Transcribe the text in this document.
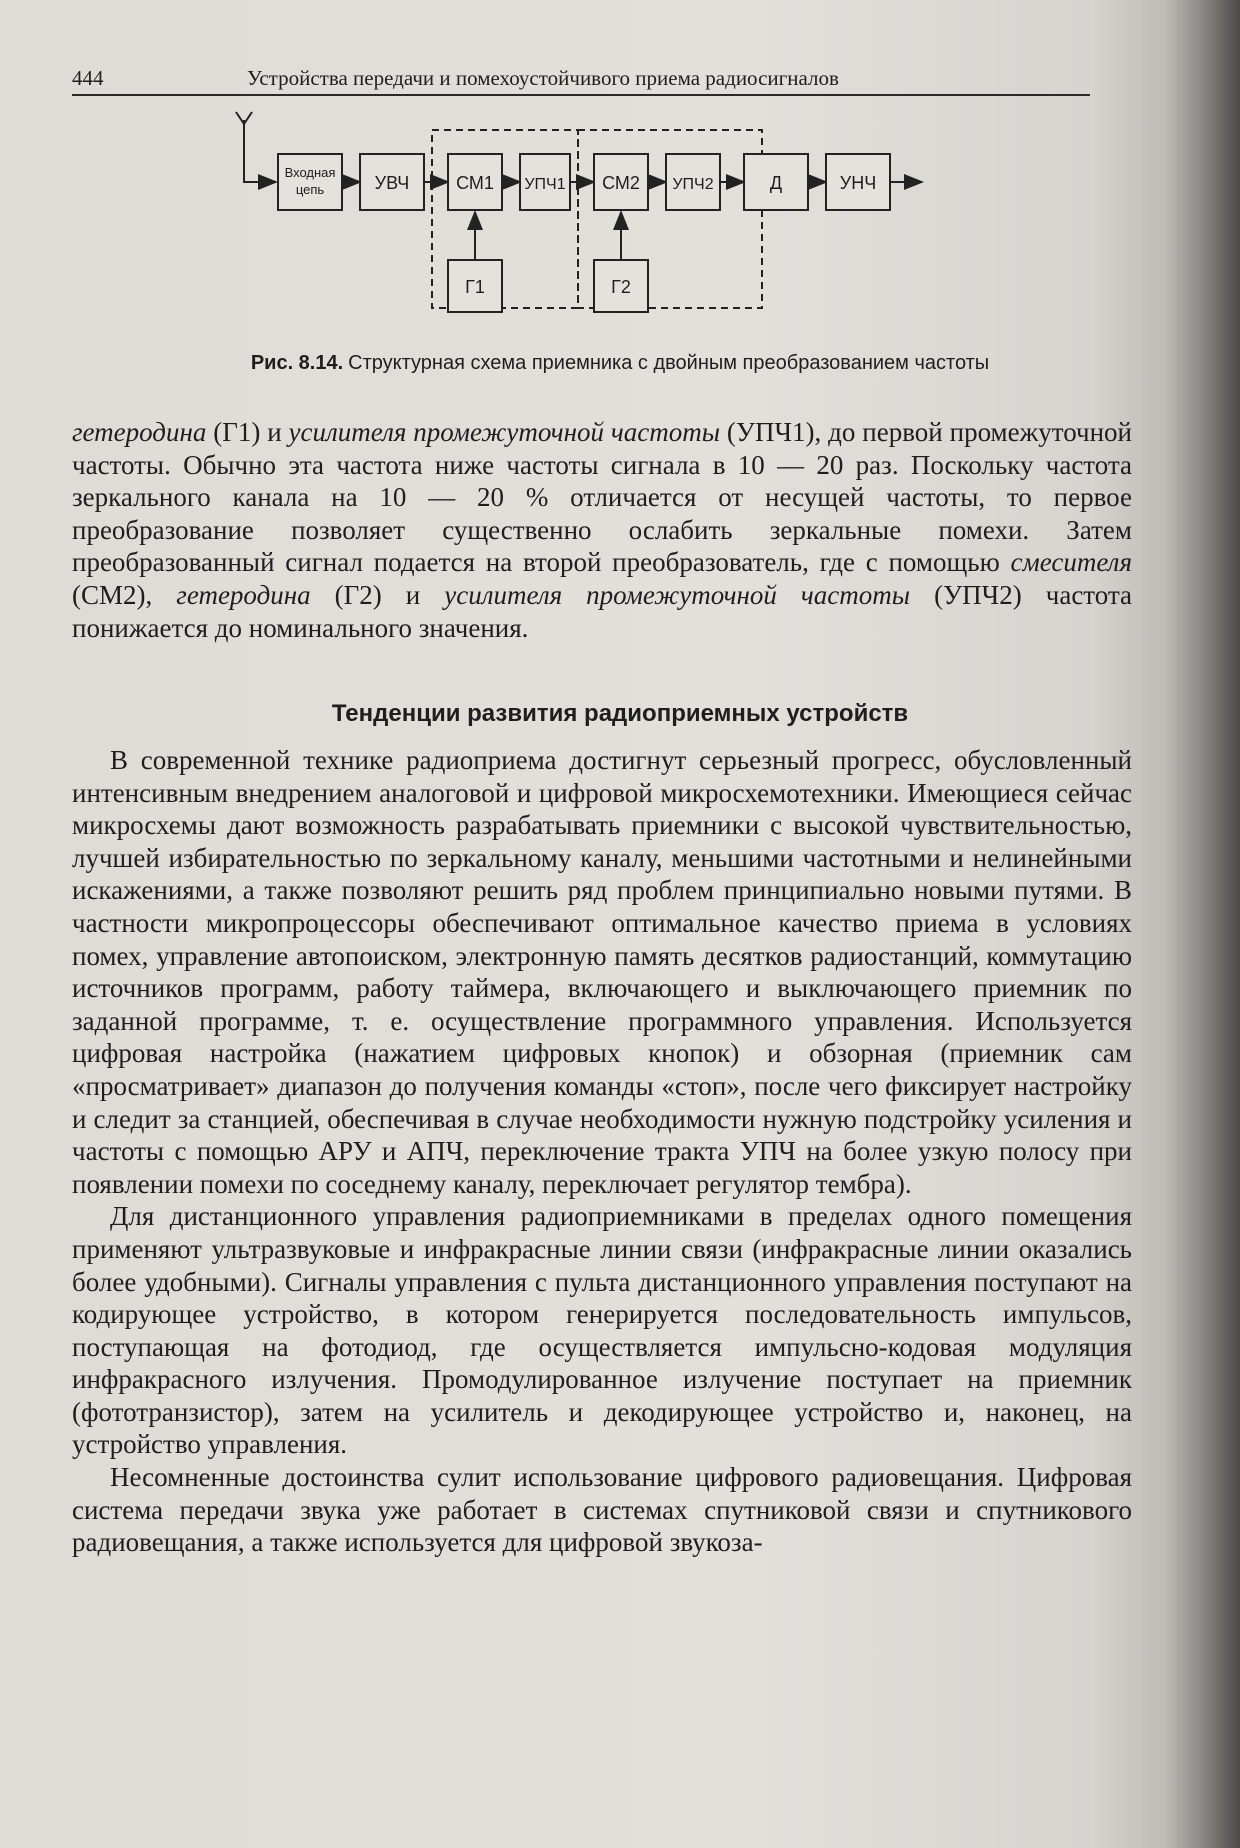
444	Устройства передачи и помехоустойчивого приема радиосигналов
Входная
цепь	УВЧ	СМ1 УПЧ1 СМ2 УПЧ2	Д	УНЧ
Г1	Г2
Рис. 8.14. Структурная схема приемника с двойным преобразованием частоты

гетеродина (Г1) и усилителя промежуточной частоты (УПЧ1), до первой промежуточной частоты. Обычно эта частота ниже частоты сигнала в 10 — 20 раз. Поскольку частота зеркального канала на 10 — 20 % отличается от несущей частоты, то первое преобразование позволяет существенно ослабить зеркальные помехи. Затем преобразованный сигнал подается на второй преобразователь, где с помощью смесителя (СМ2), гетеродина (Г2) и усилителя промежуточной частоты (УПЧ2) частота понижается до номинального значения.

Тенденции развития радиоприемных устройств

В современной технике радиоприема достигнут серьезный прогресс, обусловленный интенсивным внедрением аналоговой и цифровой микросхемотехники. Имеющиеся сейчас микросхемы дают возможность разрабатывать приемники с высокой чувствительностью, лучшей избирательностью по зеркальному каналу, меньшими частотными и нелинейными искажениями, а также позволяют решить ряд проблем принципиально новыми путями. В частности микропроцессоры обеспечивают оптимальное качество приема в условиях помех, управление автопоиском, электронную память десятков радиостанций, коммутацию источников программ, работу таймера, включающего и выключающего приемник по заданной программе, т. е. осуществление программного управления. Используется цифровая настройка (нажатием цифровых кнопок) и обзорная (приемник сам «просматривает» диапазон до получения команды «стоп», после чего фиксирует настройку и следит за станцией, обеспечивая в случае необходимости нужную подстройку усиления и частоты с помощью АРУ и АПЧ, переключение тракта УПЧ на более узкую полосу при появлении помехи по соседнему каналу, переключает регулятор тембра).

Для дистанционного управления радиоприемниками в пределах одного помещения применяют ультразвуковые и инфракрасные линии связи (инфракрасные линии оказались более удобными). Сигналы управления с пульта дистанционного управления поступают на кодирующее устройство, в котором генерируется последовательность импульсов, поступающая на фотодиод, где осуществляется импульсно-кодовая модуляция инфракрасного излучения. Промодулированное излучение поступает на приемник (фототранзистор), затем на усилитель и декодирующее устройство и, наконец, на устройство управления.

Несомненные достоинства сулит использование цифрового радиовещания. Цифровая система передачи звука уже работает в системах спутниковой связи и спутникового радиовещания, а также используется для цифровой звукоза-
